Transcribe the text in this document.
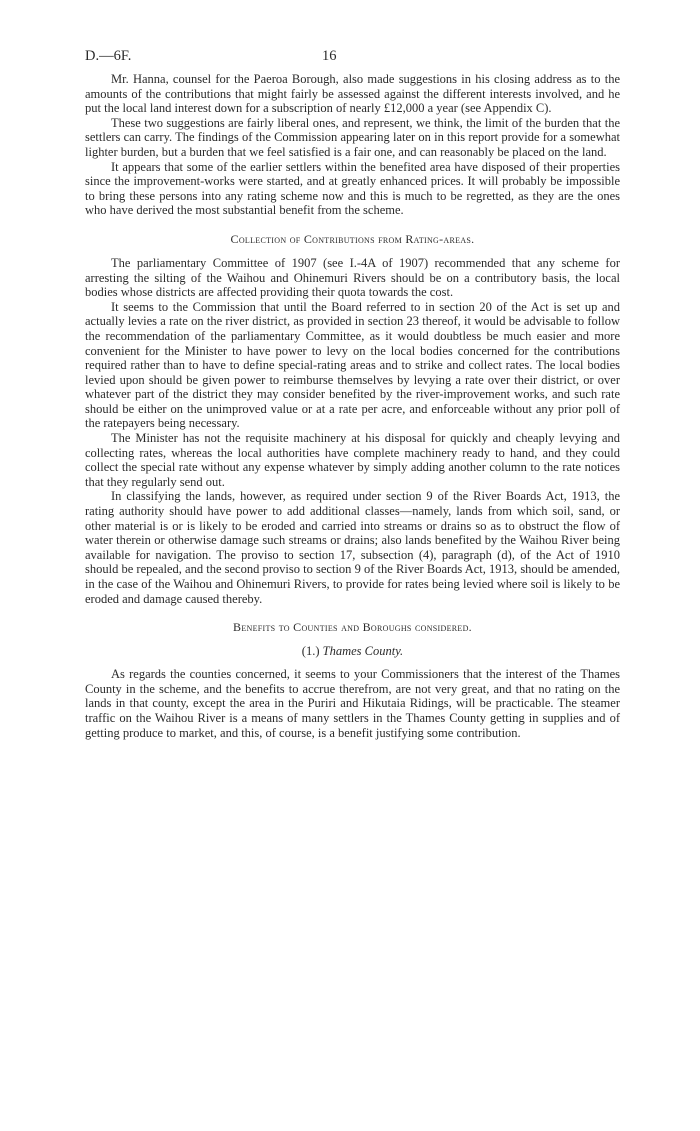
D.—6F.	16

Mr. Hanna, counsel for the Paeroa Borough, also made suggestions in his closing address as to the amounts of the contributions that might fairly be assessed against the different interests involved, and he put the local land interest down for a subscription of nearly £12,000 a year (see Appendix C).

These two suggestions are fairly liberal ones, and represent, we think, the limit of the burden that the settlers can carry. The findings of the Commission appearing later on in this report provide for a somewhat lighter burden, but a burden that we feel satisfied is a fair one, and can reasonably be placed on the land.

It appears that some of the earlier settlers within the benefited area have disposed of their properties since the improvement-works were started, and at greatly enhanced prices. It will probably be impossible to bring these persons into any rating scheme now and this is much to be regretted, as they are the ones who have derived the most substantial benefit from the scheme.

Collection of Contributions from Rating-areas.

The parliamentary Committee of 1907 (see I.-4A of 1907) recommended that any scheme for arresting the silting of the Waihou and Ohinemuri Rivers should be on a contributory basis, the local bodies whose districts are affected providing their quota towards the cost.

It seems to the Commission that until the Board referred to in section 20 of the Act is set up and actually levies a rate on the river district, as provided in section 23 thereof, it would be advisable to follow the recommendation of the parliamentary Committee, as it would doubtless be much easier and more convenient for the Minister to have power to levy on the local bodies concerned for the contributions required rather than to have to define special-rating areas and to strike and collect rates. The local bodies levied upon should be given power to reimburse themselves by levying a rate over their district, or over whatever part of the district they may consider benefited by the river-improvement works, and such rate should be either on the unimproved value or at a rate per acre, and enforceable without any prior poll of the ratepayers being necessary.

The Minister has not the requisite machinery at his disposal for quickly and cheaply levying and collecting rates, whereas the local authorities have complete machinery ready to hand, and they could collect the special rate without any expense whatever by simply adding another column to the rate notices that they regularly send out.

In classifying the lands, however, as required under section 9 of the River Boards Act, 1913, the rating authority should have power to add additional classes—namely, lands from which soil, sand, or other material is or is likely to be eroded and carried into streams or drains so as to obstruct the flow of water therein or otherwise damage such streams or drains; also lands benefited by the Waihou River being available for navigation. The proviso to section 17, subsection (4), paragraph (d), of the Act of 1910 should be repealed, and the second proviso to section 9 of the River Boards Act, 1913, should be amended, in the case of the Waihou and Ohinemuri Rivers, to provide for rates being levied where soil is likely to be eroded and damage caused thereby.

Benefits to Counties and Boroughs considered.
(1.) Thames County.

As regards the counties concerned, it seems to your Commissioners that the interest of the Thames County in the scheme, and the benefits to accrue therefrom, are not very great, and that no rating on the lands in that county, except the area in the Puriri and Hikutaia Ridings, will be practicable. The steamer traffic on the Waihou River is a means of many settlers in the Thames County getting in supplies and of getting produce to market, and this, of course, is a benefit justifying some contribution.
